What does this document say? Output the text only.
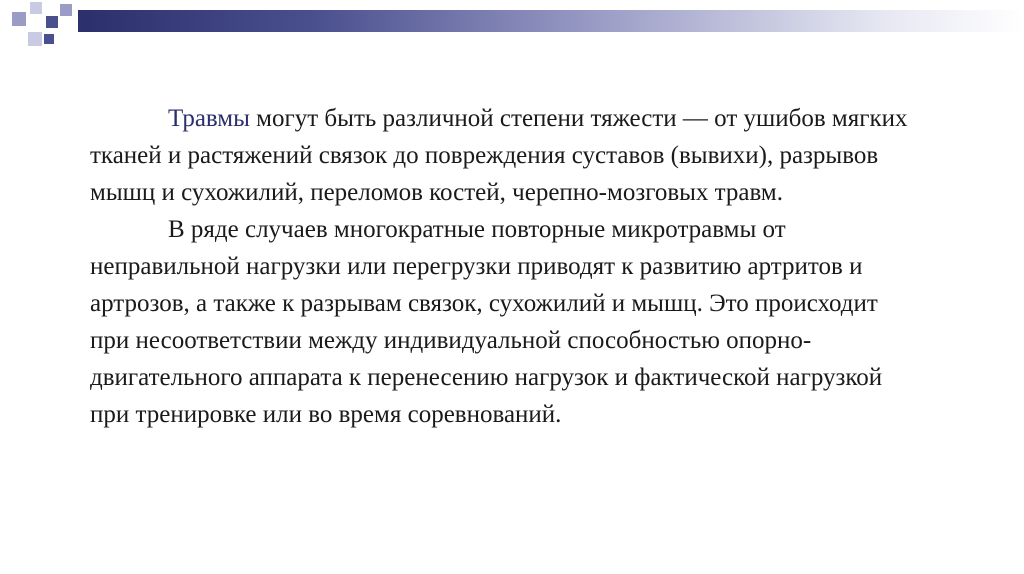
Травмы могут быть различной степени тяжести — от ушибов мягких тканей и растяжений связок до повреждения суставов (вывихи), разрывов мышц и сухожилий, переломов костей, черепно-мозговых травм.

В ряде случаев многократные повторные микротравмы от неправильной нагрузки или перегрузки приводят к развитию артритов и артрозов, а также к разрывам связок, сухожилий и мышц. Это происходит при несоответствии между индивидуальной способностью опорно-двигательного аппарата к перенесению нагрузок и фактической нагрузкой при тренировке или во время соревнований.
